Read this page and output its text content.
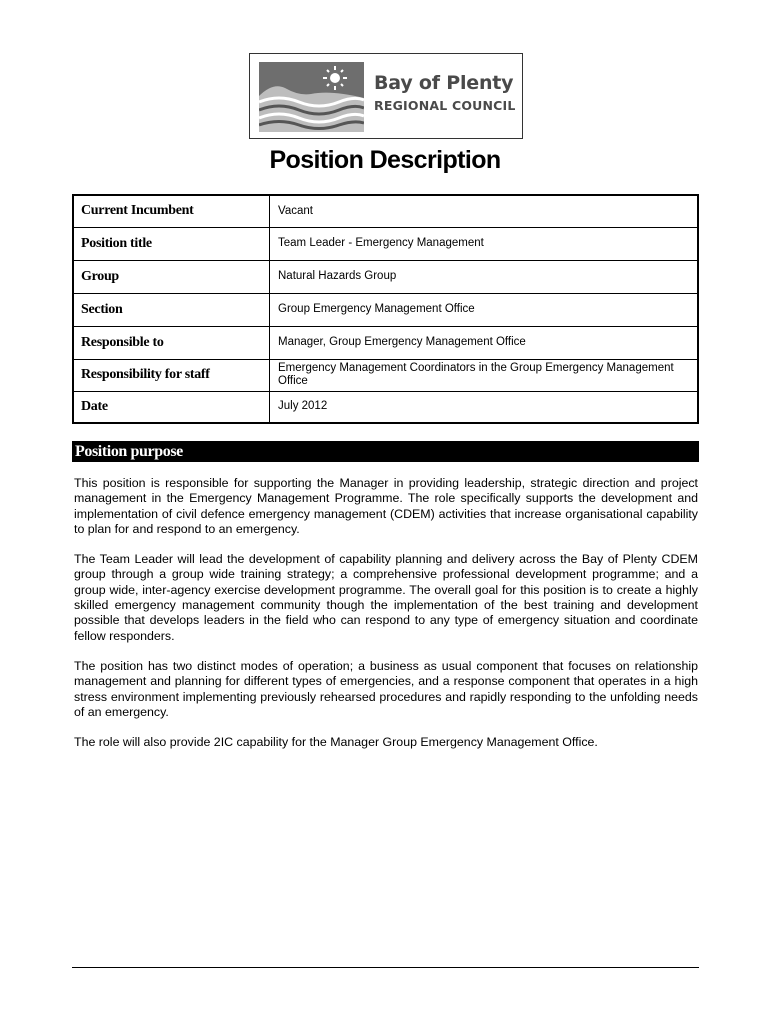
Bay of Plenty
REGIONAL COUNCIL
Position Description
Current Incumbent	Vacant
Position title	Team Leader - Emergency Management
Group	Natural Hazards Group
Section	Group Emergency Management Office
Responsible to	Manager, Group Emergency Management Office
Responsibility for staff	Emergency Management Coordinators in the Group Emergency Management Office
Date	July 2012
Position purpose

This position is responsible for supporting the Manager in providing leadership, strategic direction and project management in the Emergency Management Programme. The role specifically supports the development and implementation of civil defence emergency management (CDEM) activities that increase organisational capability to plan for and respond to an emergency.

The Team Leader will lead the development of capability planning and delivery across the Bay of Plenty CDEM group through a group wide training strategy; a comprehensive professional development programme; and a group wide, inter-agency exercise development programme. The overall goal for this position is to create a highly skilled emergency management community though the implementation of the best training and development possible that develops leaders in the field who can respond to any type of emergency situation and coordinate fellow responders.

The position has two distinct modes of operation; a business as usual component that focuses on relationship management and planning for different types of emergencies, and a response component that operates in a high stress environment implementing previously rehearsed procedures and rapidly responding to the unfolding needs of an emergency.

The role will also provide 2IC capability for the Manager Group Emergency Management Office.
